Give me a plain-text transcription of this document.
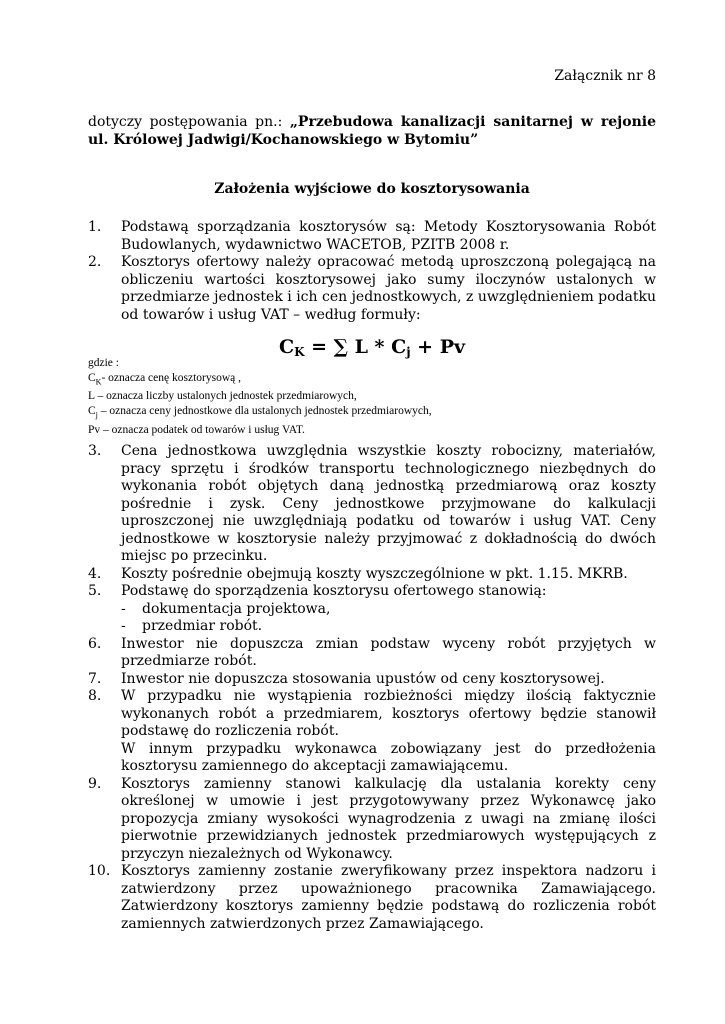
Załącznik nr 8
dotyczy postępowania pn.: „Przebudowa kanalizacji sanitarnej w rejonie ul. Królowej Jadwigi/Kochanowskiego w Bytomiu”
Założenia wyjściowe do kosztorysowania
1.	Podstawą sporządzania kosztorysów są: Metody Kosztorysowania Robót Budowlanych, wydawnictwo WACETOB, PZITB 2008 r.
2.	Kosztorys ofertowy należy opracować metodą uproszczoną polegającą na obliczeniu wartości kosztorysowej jako sumy iloczynów ustalonych w przedmiarze jednostek i ich cen jednostkowych, z uwzględnieniem podatku od towarów i usług VAT – według formuły:
$C_K$ = ∑ $L * C_j + Pv$
gdzie :
$C_K-$ oznacza cenę kosztorysową ,
L – oznacza liczby ustalonych jednostek przedmiarowych,
$C_j$ – oznacza ceny jednostkowe dla ustalonych jednostek przedmiarowych,
Pv – oznacza podatek od towarów i usług VAT.
3.	Cena jednostkowa uwzględnia wszystkie koszty robocizny, materiałów, pracy sprzętu i środków transportu technologicznego niezbędnych do wykonania robót objętych daną jednostką przedmiarową oraz koszty pośrednie i zysk. Ceny jednostkowe przyjmowane do kalkulacji uproszczonej nie uwzględniają podatku od towarów i usług VAT. Ceny jednostkowe w kosztorysie należy przyjmować z dokładnością do dwóch miejsc po przecinku.
4.	Koszty pośrednie obejmują koszty wyszczególnione w pkt. 1.15. MKRB.
5.	Podstawę do sporządzenia kosztorysu ofertowego stanowią:
- dokumentacja projektowa,
- przedmiar robót.
6.	Inwestor nie dopuszcza zmian podstaw wyceny robót przyjętych w przedmiarze robót.
7.	Inwestor nie dopuszcza stosowania upustów od ceny kosztorysowej.
8.	W przypadku nie wystąpienia rozbieżności między ilością faktycznie wykonanych robót a przedmiarem, kosztorys ofertowy będzie stanowił podstawę do rozliczenia robót.
W innym przypadku wykonawca zobowiązany jest do przedłożenia kosztorysu zamiennego do akceptacji zamawiającemu.
9.	Kosztorys zamienny stanowi kalkulację dla ustalania korekty ceny określonej w umowie i jest przygotowywany przez Wykonawcę jako propozycja zmiany wysokości wynagrodzenia z uwagi na zmianę ilości pierwotnie przewidzianych jednostek przedmiarowych występujących z przyczyn niezależnych od Wykonawcy.
10. Kosztorys zamienny zostanie zweryfikowany przez inspektora nadzoru i zatwierdzony przez upoważnionego pracownika Zamawiającego. Zatwierdzony kosztorys zamienny będzie podstawą do rozliczenia robót zamiennych zatwierdzonych przez Zamawiającego.
